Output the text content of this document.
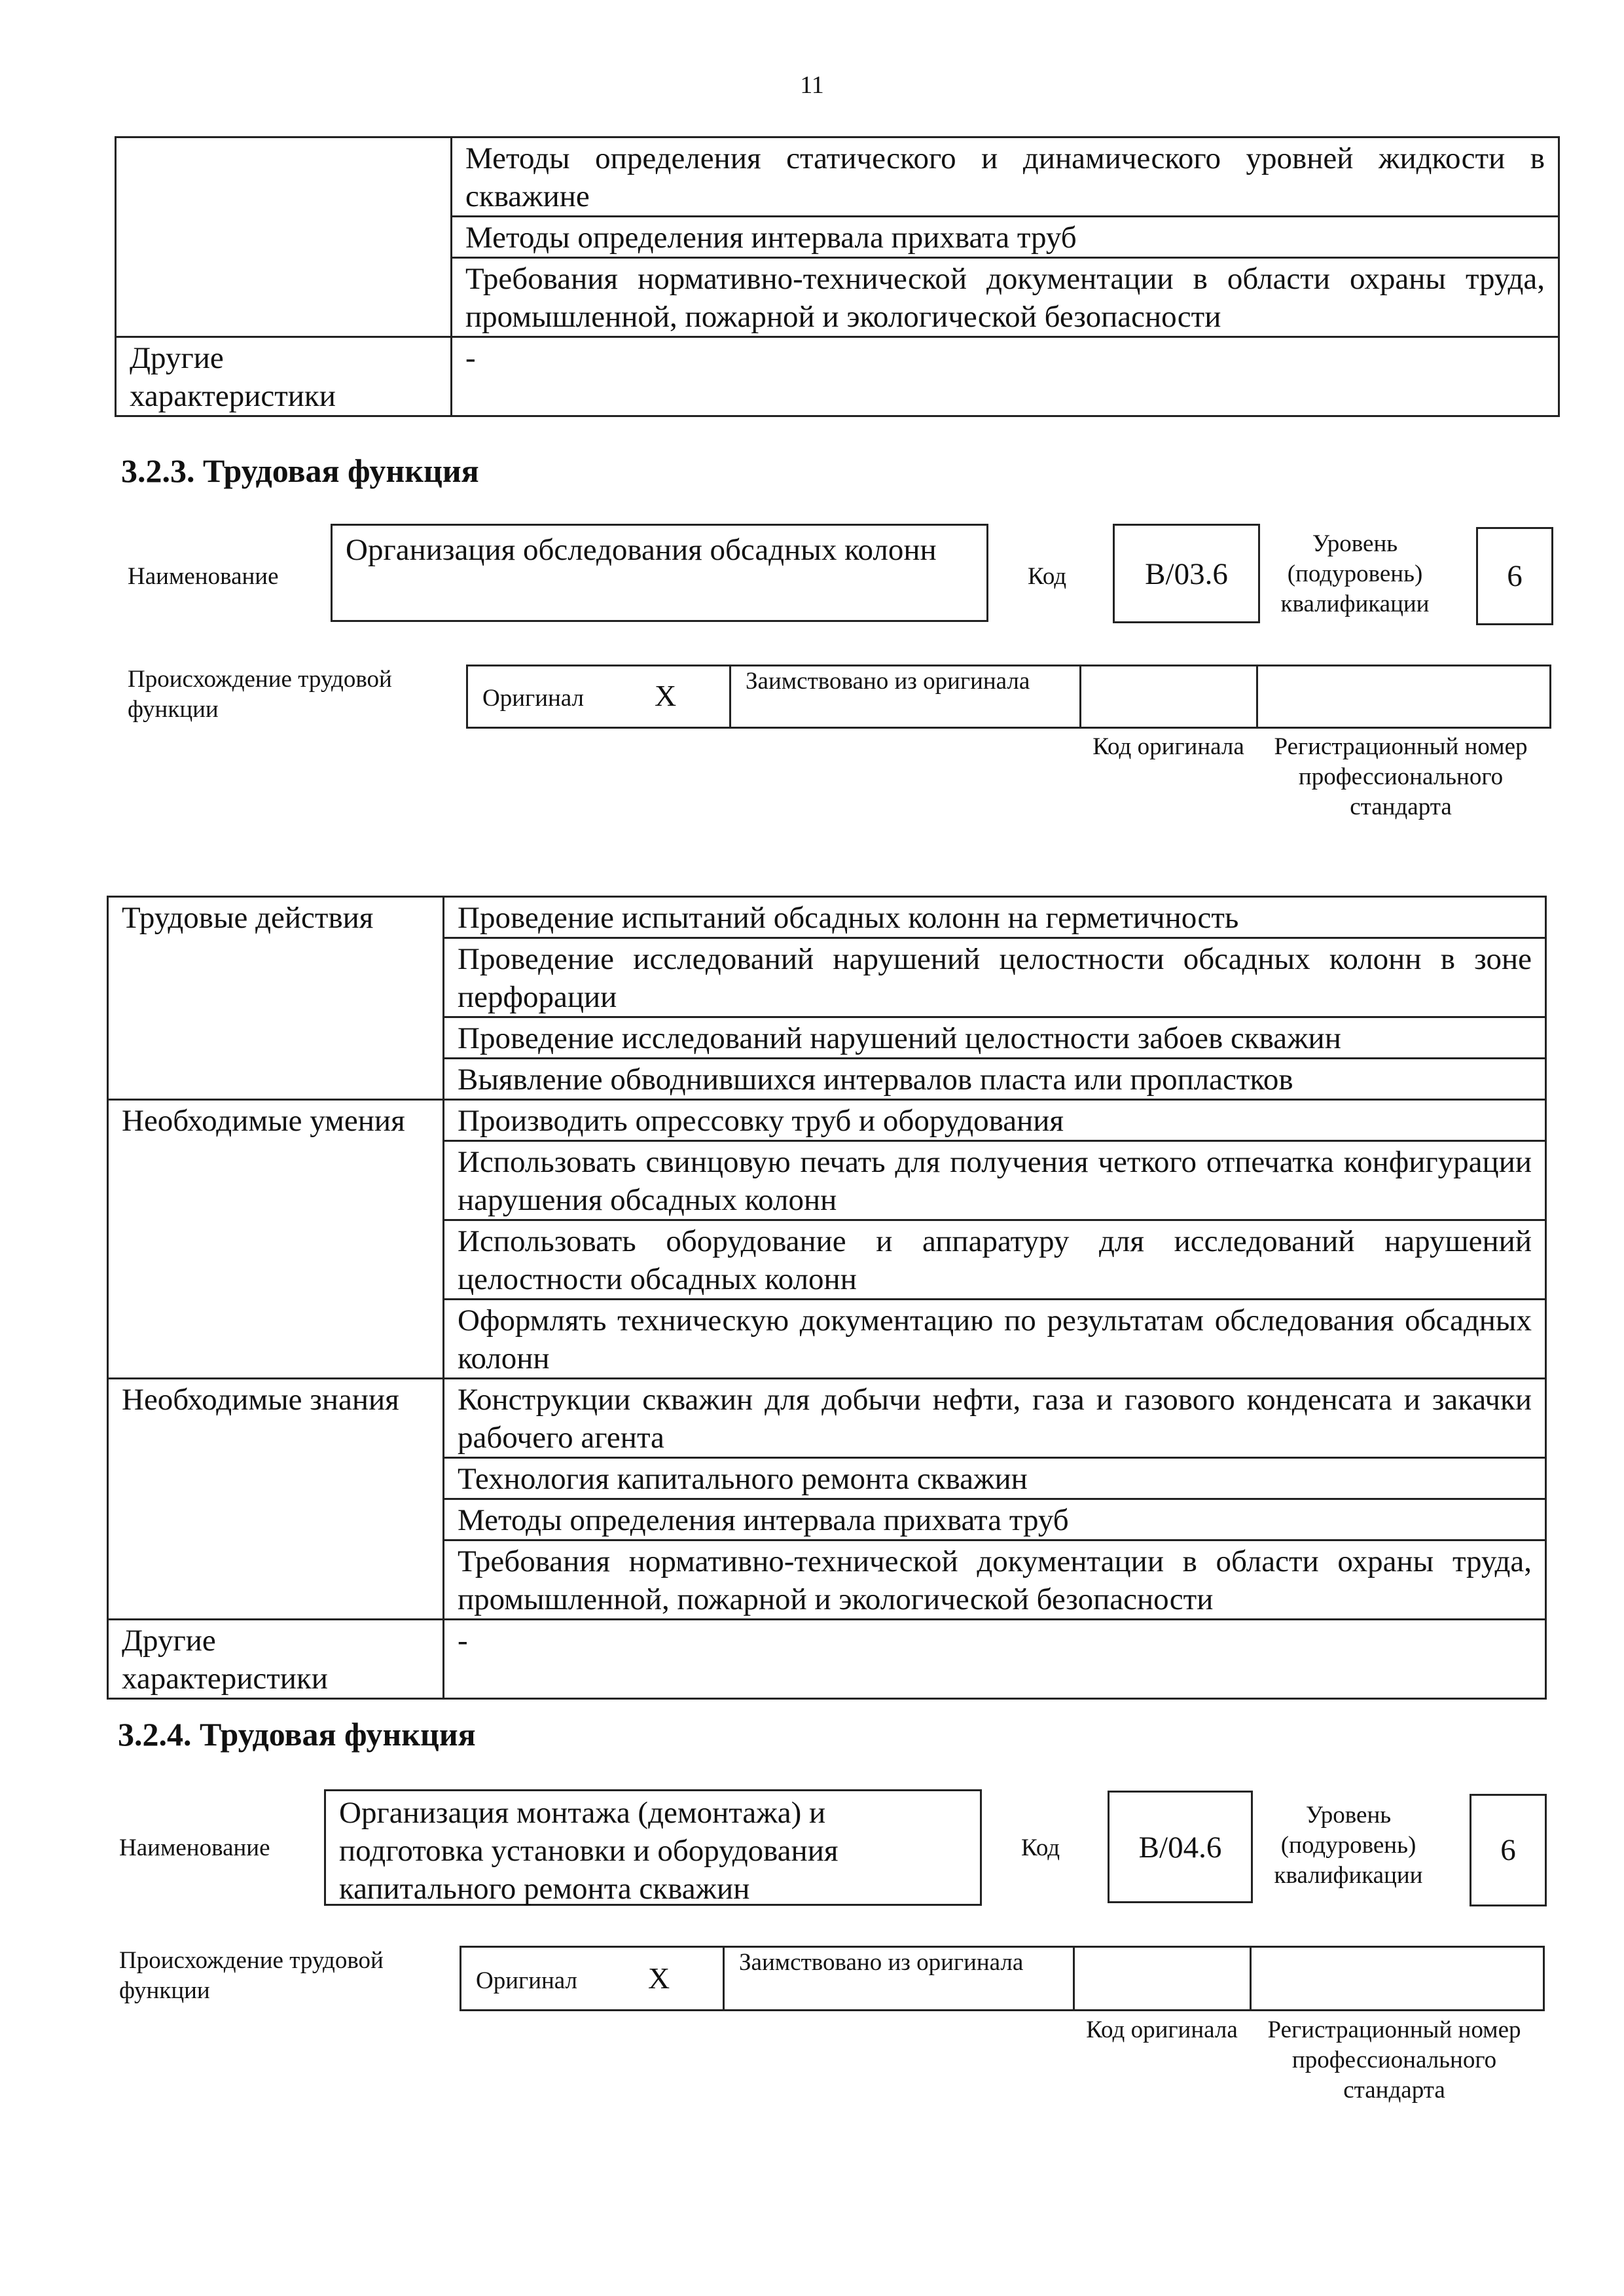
11
	Методы определения статического и динамического уровней жидкости в скважине
	Методы определения интервала прихвата труб
	Требования нормативно-технической документации в области охраны труда, промышленной, пожарной и экологической безопасности
Другие характеристики	-
3.2.3. Трудовая функция
Наименование
Организация обследования обсадных колонн
Код	B/03.6
Уровень (подуровень) квалификации
6
Происхождение трудовой функции	Оригинал X	Заимствовано из оригинала
Код оригинала	Регистрационный номер профессионального стандарта
Трудовые действия	Проведение испытаний обсадных колонн на герметичность
	Проведение исследований нарушений целостности обсадных колонн в зоне перфорации
	Проведение исследований нарушений целостности забоев скважин
	Выявление обводнившихся интервалов пласта или пропластков
Необходимые умения	Производить опрессовку труб и оборудования
	Использовать свинцовую печать для получения четкого отпечатка конфигурации нарушения обсадных колонн
	Использовать оборудование и аппаратуру для исследований нарушений целостности обсадных колонн
	Оформлять техническую документацию по результатам обследования обсадных колонн
Необходимые знания	Конструкции скважин для добычи нефти, газа и газового конденсата и закачки рабочего агента
	Технология капитального ремонта скважин
	Методы определения интервала прихвата труб
	Требования нормативно-технической документации в области охраны труда, промышленной, пожарной и экологической безопасности
Другие характеристики	-
3.2.4. Трудовая функция
Наименование
Организация монтажа (демонтажа) и подготовка установки и оборудования капитального ремонта скважин
Код	B/04.6
Уровень (подуровень) квалификации
6
Происхождение трудовой функции	Оригинал X	Заимствовано из оригинала
Код оригинала	Регистрационный номер профессионального стандарта
